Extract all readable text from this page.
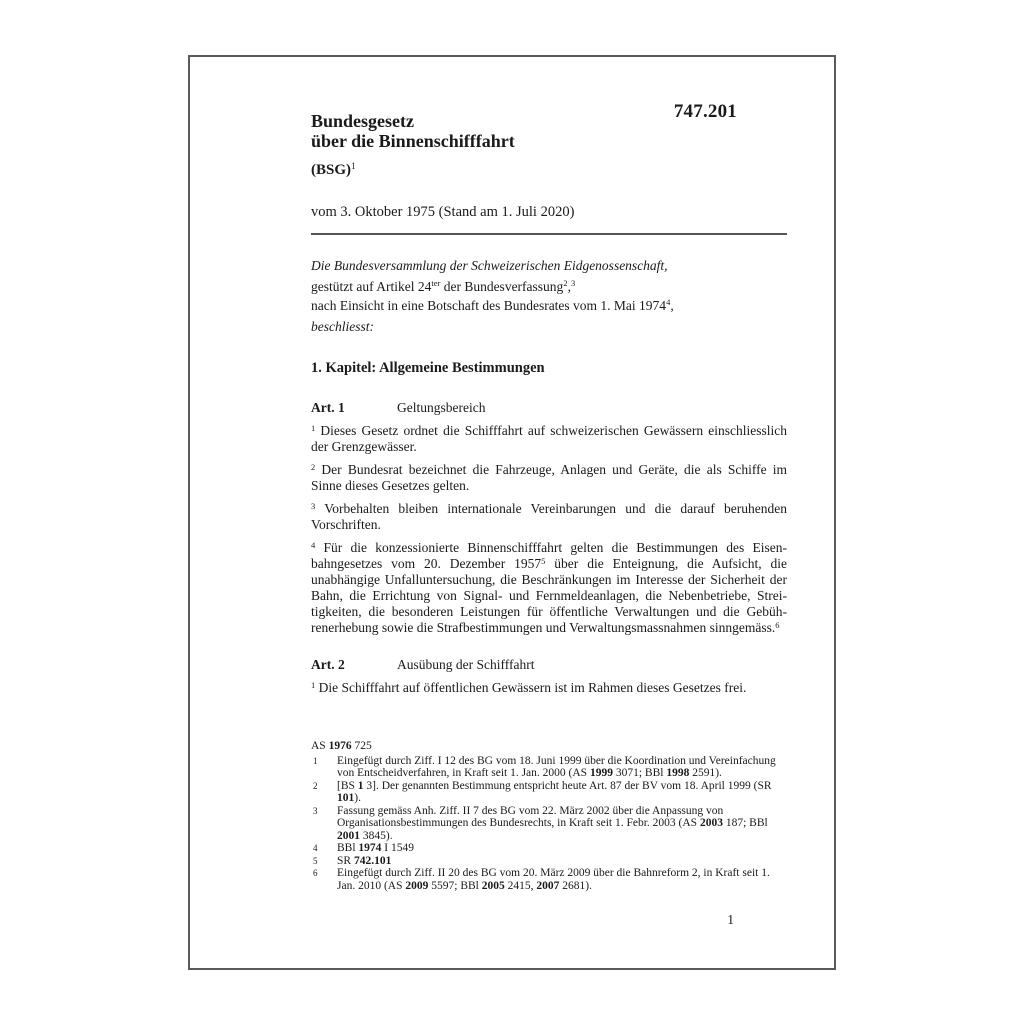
747.201
Bundesgesetz
über die Binnenschifffahrt
(BSG)$^1$
vom 3. Oktober 1975 (Stand am 1. Juli 2020)
Die Bundesversammlung der Schweizerischen Eidgenossenschaft,
gestützt auf Artikel $24^{ter}$ der Bundesverfassung$^2$,$^3$
nach Einsicht in eine Botschaft des Bundesrates vom 1. Mai 1974$^4$,
beschliesst:
1. Kapitel: Allgemeine Bestimmungen
Art. 1	Geltungsbereich

$^1$ Dieses Gesetz ordnet die Schifffahrt auf schweizerischen Gewässern einschliesslich der Grenzgewässer.

$^2$ Der Bundesrat bezeichnet die Fahrzeuge, Anlagen und Geräte, die als Schiffe im Sinne dieses Gesetzes gelten.

$^3$ Vorbehalten bleiben internationale Vereinbarungen und die darauf beruhenden Vorschriften.

$^4$ Für die konzessionierte Binnenschifffahrt gelten die Bestimmungen des Eisenbahngesetzes vom 20. Dezember 1957$^5$ über die Enteignung, die Aufsicht, die unabhängige Unfalluntersuchung, die Beschränkungen im Interesse der Sicherheit der Bahn, die Errichtung von Signal- und Fernmeldeanlagen, die Nebenbetriebe, Streitigkeiten, die besonderen Leistungen für öffentliche Verwaltungen und die Gebührenerhebung sowie die Strafbestimmungen und Verwaltungsmassnahmen sinngemäss.$^6$

Art. 2	Ausübung der Schifffahrt

$^1$ Die Schifffahrt auf öffentlichen Gewässern ist im Rahmen dieses Gesetzes frei.

AS 1976 725
1	Eingefügt durch Ziff. I 12 des BG vom 18. Juni 1999 über die Koordination und Vereinfachung von Entscheidverfahren, in Kraft seit 1. Jan. 2000 (AS 1999 3071; BBl 1998 2591).
2	[BS 1 3]. Der genannten Bestimmung entspricht heute Art. 87 der BV vom 18. April 1999 (SR 101).
3	Fassung gemäss Anh. Ziff. II 7 des BG vom 22. März 2002 über die Anpassung von Organisationsbestimmungen des Bundesrechts, in Kraft seit 1. Febr. 2003 (AS 2003 187; BBl 2001 3845).
4	BBl 1974 I 1549
5	SR 742.101
6	Eingefügt durch Ziff. II 20 des BG vom 20. März 2009 über die Bahnreform 2, in Kraft seit 1. Jan. 2010 (AS 2009 5597; BBl 2005 2415, 2007 2681).
1
